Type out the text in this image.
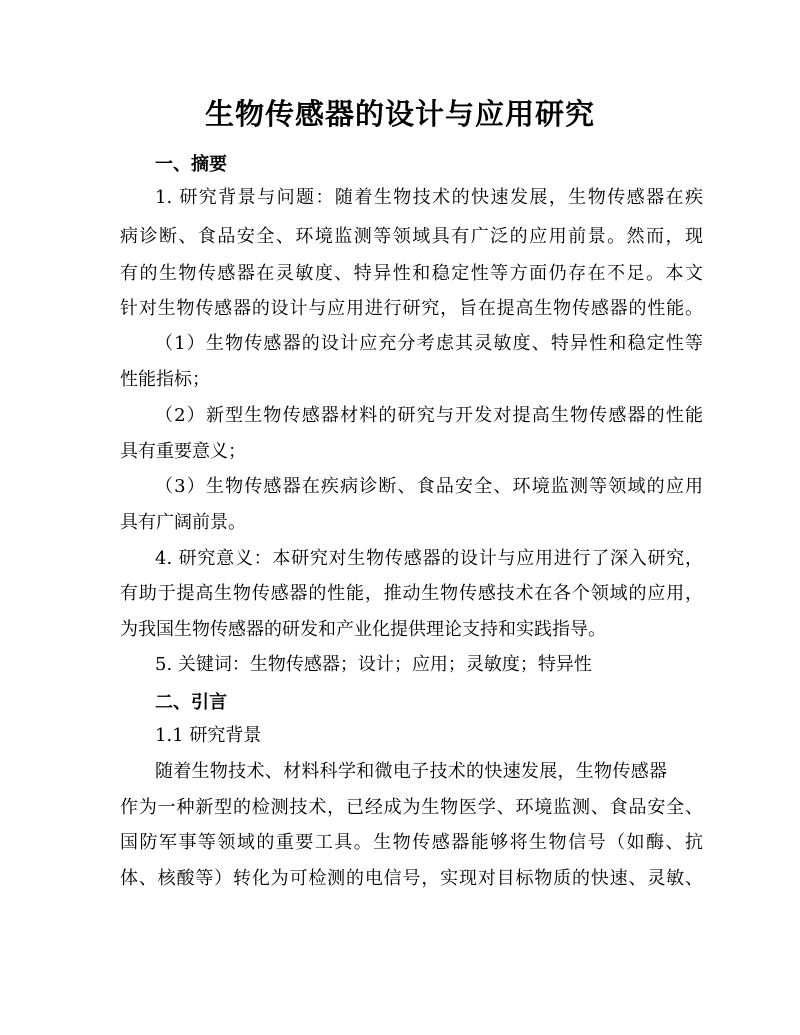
生物传感器的设计与应用研究
一、摘要
1. 研究背景与问题：随着生物技术的快速发展，生物传感器在疾
病诊断、食品安全、环境监测等领域具有广泛的应用前景。然而，现
有的生物传感器在灵敏度、特异性和稳定性等方面仍存在不足。本文
针对生物传感器的设计与应用进行研究，旨在提高生物传感器的性能。
（1）生物传感器的设计应充分考虑其灵敏度、特异性和稳定性等
性能指标；
（2）新型生物传感器材料的研究与开发对提高生物传感器的性能
具有重要意义；
（3）生物传感器在疾病诊断、食品安全、环境监测等领域的应用
具有广阔前景。
4. 研究意义：本研究对生物传感器的设计与应用进行了深入研究，
有助于提高生物传感器的性能，推动生物传感技术在各个领域的应用，
为我国生物传感器的研发和产业化提供理论支持和实践指导。
5. 关键词：生物传感器；设计；应用；灵敏度；特异性
二、引言
1.1 研究背景
随着生物技术、材料科学和微电子技术的快速发展，生物传感器
作为一种新型的检测技术，已经成为生物医学、环境监测、食品安全、
国防军事等领域的重要工具。生物传感器能够将生物信号（如酶、抗
体、核酸等）转化为可检测的电信号，实现对目标物质的快速、灵敏、
